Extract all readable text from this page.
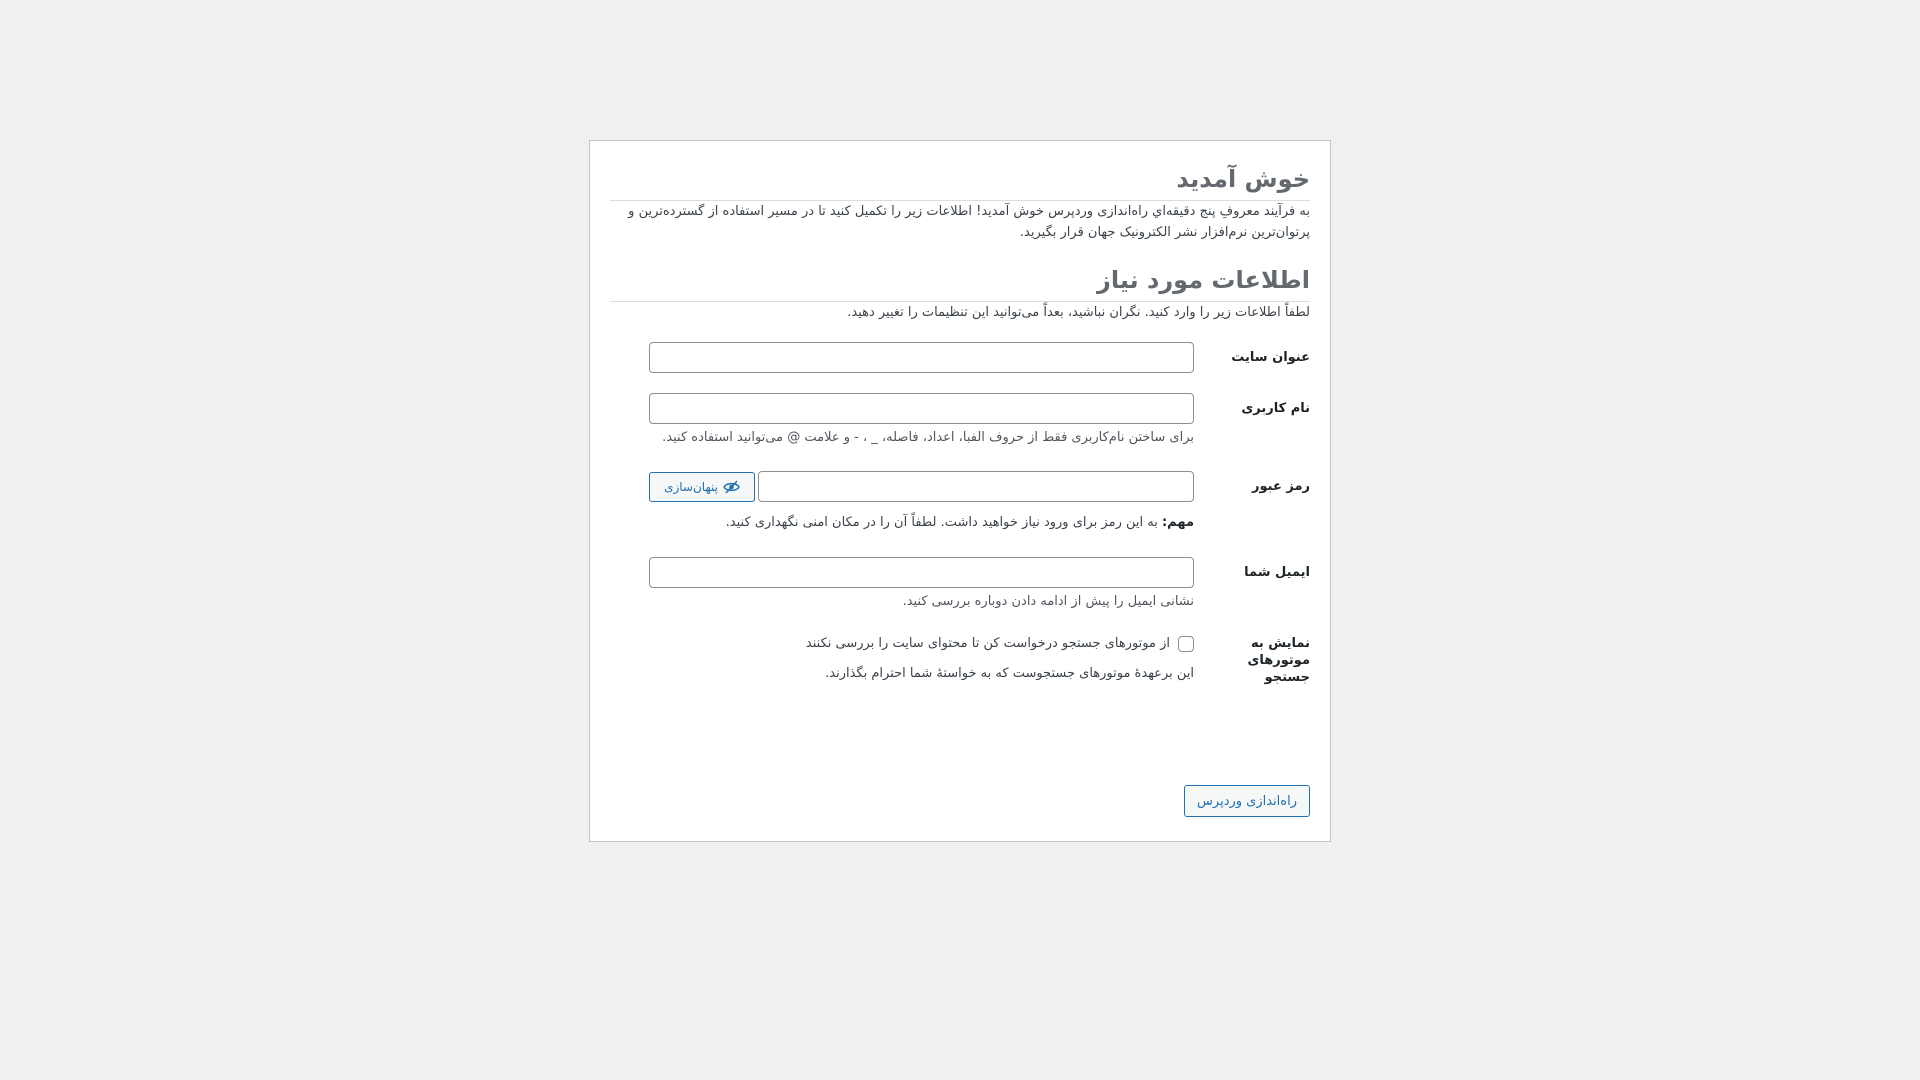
خوش آمدید

به فرآیند معروفِ پنج دقیقه‌اي راه‌اندازی وردپرس خوش آمدید! اطلاعات زیر را تکمیل کنید تا در مسیر استفاده از گسترده‌ترین و پرتوان‌ترین نرم‌افزار نشر الکترونیک جهان قرار بگیرید.

اطلاعات مورد نیاز

لطفاً اطلاعات زیر را وارد کنید. نگران نباشید، بعداً می‌توانید این تنظیمات را تغییر دهید.

عنوان سایت
نام کاربری

برای ساختن نام‌کاربری فقط از حروف الفبا، اعداد، فاصله، _ ، - و علامت @ می‌توانید استفاده کنید.

رمز عبور
پنهان‌سازی

مهم: به این رمز برای ورود نیاز خواهید داشت. لطفاً آن را در مکان امنی نگهداری کنید.

ایمیل شما

نشانی ایمیل را پیش از ادامه دادن دوباره بررسی کنید.

نمایش به موتورهای جستجو
از موتورهای جستجو درخواست کن تا محتوای سایت را بررسی نکنند

این برعهدهٔ موتورهای جستجوست که به خواستهٔ شما احترام بگذارند.

راه‌اندازی وردپرس
